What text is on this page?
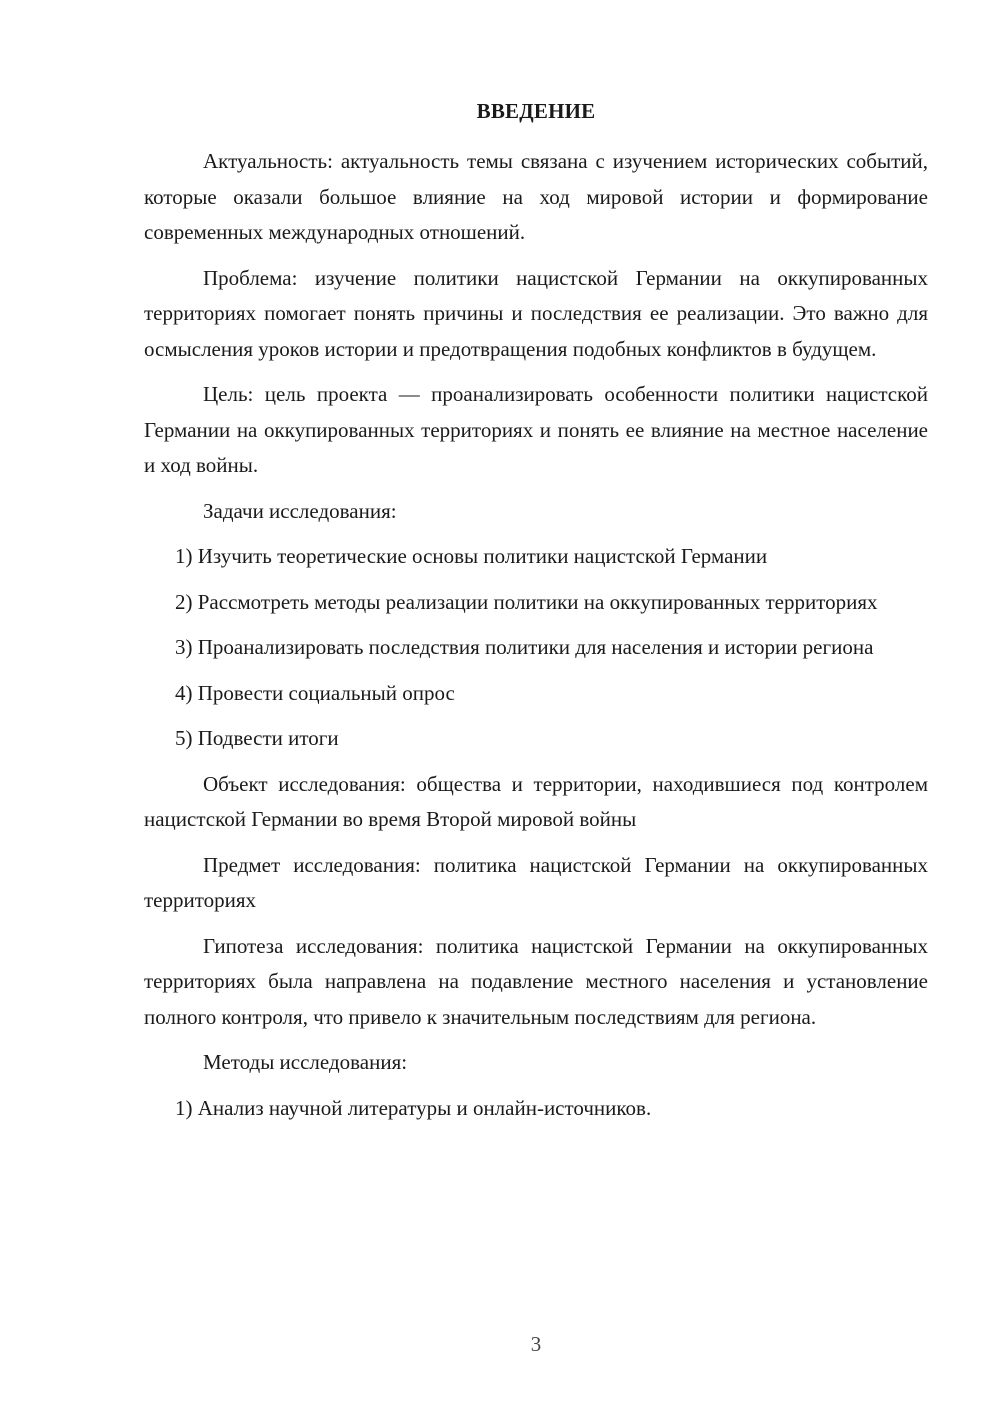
ВВЕДЕНИЕ

Актуальность: актуальность темы связана с изучением исторических событий, которые оказали большое влияние на ход мировой истории и формирование современных международных отношений.

Проблема: изучение политики нацистской Германии на оккупированных территориях помогает понять причины и последствия ее реализации. Это важно для осмысления уроков истории и предотвращения подобных конфликтов в будущем.

Цель: цель проекта — проанализировать особенности политики нацистской Германии на оккупированных территориях и понять ее влияние на местное население и ход войны.

Задачи исследования:

1) Изучить теоретические основы политики нацистской Германии

2) Рассмотреть методы реализации политики на оккупированных территориях

3) Проанализировать последствия политики для населения и истории региона

4) Провести социальный опрос

5) Подвести итоги

Объект исследования: общества и территории, находившиеся под контролем нацистской Германии во время Второй мировой войны

Предмет исследования: политика нацистской Германии на оккупированных территориях

Гипотеза исследования: политика нацистской Германии на оккупированных территориях была направлена на подавление местного населения и установление полного контроля, что привело к значительным последствиям для региона.

Методы исследования:

1) Анализ научной литературы и онлайн-источников.

3
